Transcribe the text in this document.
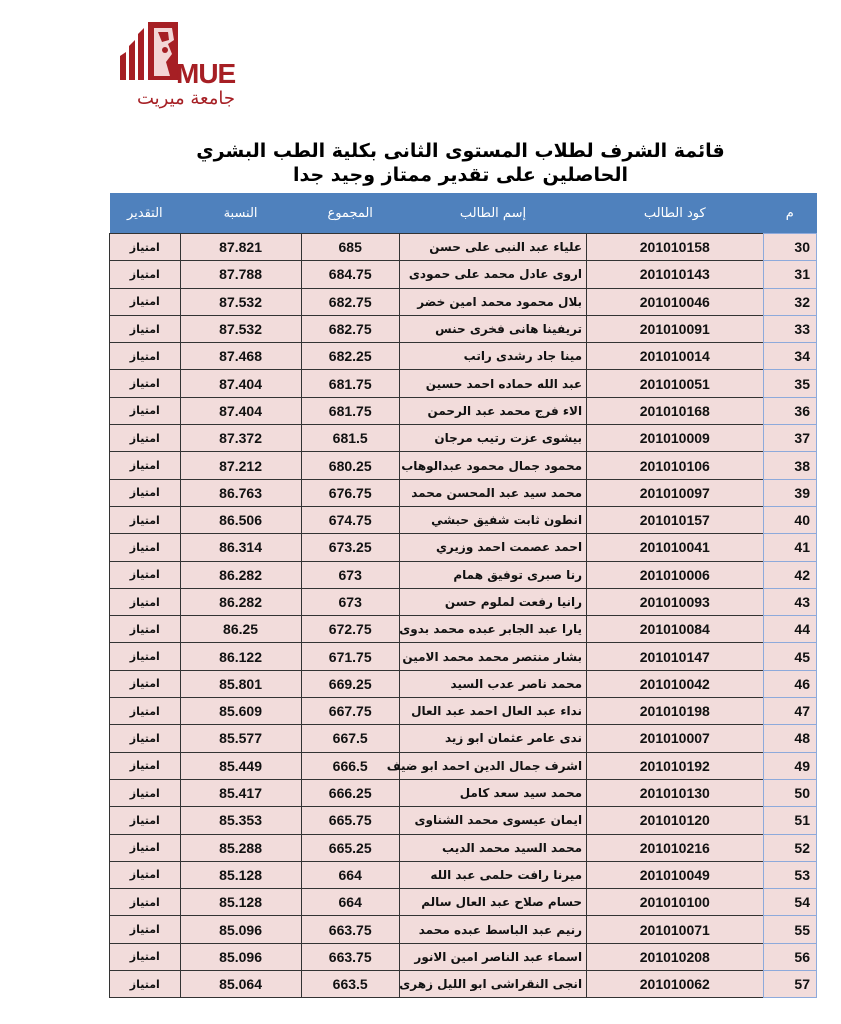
MUE
جامعة ميريت
قائمة الشرف لطلاب المستوى الثانى بكلية الطب البشري
الحاصلين على تقدير ممتاز وجيد جدا
م	كود الطالب	إسم الطالب	المجموع	النسبة	التقدير
30	201010158	علياء عبد النبى على حسن	685	87.821	امتياز
31	201010143	اروى عادل محمد على حمودى	684.75	87.788	امتياز
32	201010046	بلال محمود محمد امين خضر	682.75	87.532	امتياز
33	201010091	تريفينا هانى فخرى حنس	682.75	87.532	امتياز
34	201010014	مينا جاد رشدى راتب	682.25	87.468	امتياز
35	201010051	عبد الله حماده احمد حسين	681.75	87.404	امتياز
36	201010168	الاء فرج محمد عبد الرحمن	681.75	87.404	امتياز
37	201010009	بيشوى عزت رتيب مرجان	681.5	87.372	امتياز
38	201010106	محمود جمال محمود عبدالوهاب	680.25	87.212	امتياز
39	201010097	محمد سيد عبد المحسن محمد	676.75	86.763	امتياز
40	201010157	انطون ثابت شفيق حبشي	674.75	86.506	امتياز
41	201010041	احمد عصمت احمد وزيري	673.25	86.314	امتياز
42	201010006	رنا صبرى توفيق همام	673	86.282	امتياز
43	201010093	رانيا رفعت لملوم حسن	673	86.282	امتياز
44	201010084	يارا عبد الجابر عبده محمد بدوى	672.75	86.25	امتياز
45	201010147	بشار منتصر محمد محمد الامين	671.75	86.122	امتياز
46	201010042	محمد ناصر عدب السيد	669.25	85.801	امتياز
47	201010198	نداء عبد العال احمد عبد العال	667.75	85.609	امتياز
48	201010007	ندى عامر عثمان ابو زيد	667.5	85.577	امتياز
49	201010192	اشرف جمال الدين احمد ابو ضيف	666.5	85.449	امتياز
50	201010130	محمد سيد سعد كامل	666.25	85.417	امتياز
51	201010120	ايمان عيسوى محمد الشناوى	665.75	85.353	امتياز
52	201010216	محمد السيد محمد الديب	665.25	85.288	امتياز
53	201010049	ميرنا رافت حلمى عبد الله	664	85.128	امتياز
54	201010100	حسام صلاح عبد العال سالم	664	85.128	امتياز
55	201010071	رنيم عبد الباسط عبده محمد	663.75	85.096	امتياز
56	201010208	اسماء عبد الناصر امين الانور	663.75	85.096	امتياز
57	201010062	انجى النقراشى ابو الليل زهرى	663.5	85.064	امتياز
